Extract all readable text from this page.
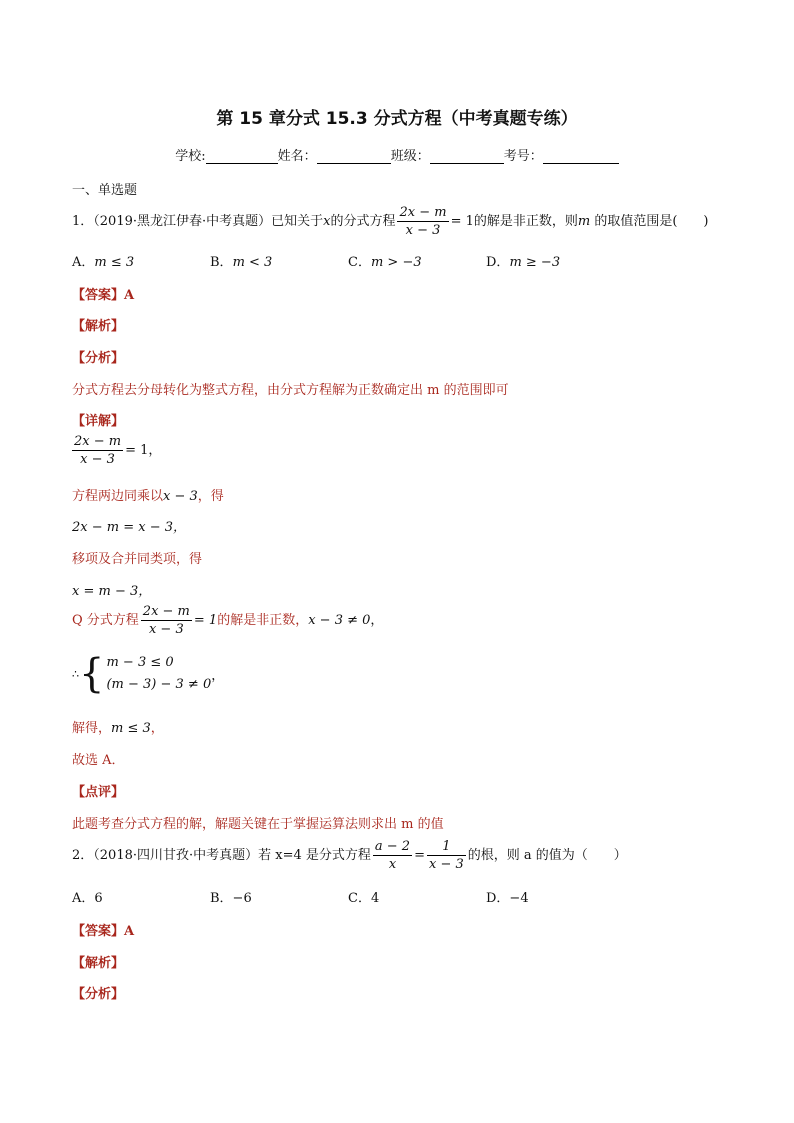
第 15 章分式 15.3 分式方程（中考真题专练）
学校:	姓名：	班级：	考号：
一、单选题
1．（2019·黑龙江伊春·中考真题）已知关于x的分式方程 $\frac{2x - m}{x - 3} = 1$的解是非正数，则m 的取值范围是(　　)
A．m ≤ 3	B．m < 3	C．m > −3	D．m ≥ −3
【答案】A
【解析】
【分析】
分式方程去分母转化为整式方程，由分式方程解为正数确定出 m 的范围即可
【详解】
$\frac{2x - m}{x - 3} = 1$，
方程两边同乘以x − 3，得
2x − m = x − 3，
移项及合并同类项，得
x = m − 3，
Q 分式方程 $\frac{2x - m}{x - 3} = 1$的解是非正数，x − 3 ≠ 0，
∴{ m − 3 ≤ 0
(m − 3) − 3 ≠ 0
，
解得，m ≤ 3，
故选 A．
【点评】
此题考查分式方程的解，解题关键在于掌握运算法则求出 m 的值
2．（2018·四川甘孜·中考真题）若 x=4 是分式方程 $\frac{a - 2}{x} = \frac{1}{x - 3}$ 的根，则 a 的值为（　　）
A．6	B．−6	C．4	D．−4
【答案】A
【解析】
【分析】
